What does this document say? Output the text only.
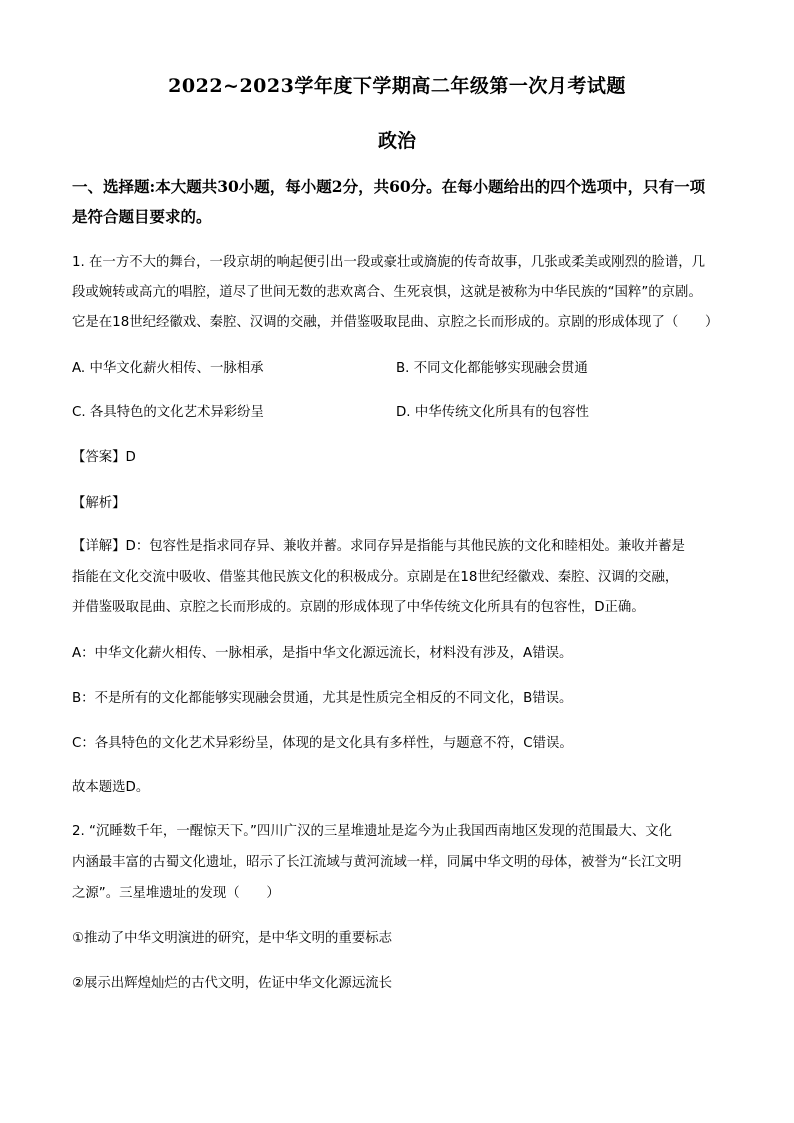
2022~2023学年度下学期高二年级第一次月考试题
政治
一、选择题:本大题共30小题，每小题2分，共60分。在每小题给出的四个选项中，只有一项
是符合题目要求的。
1. 在一方不大的舞台，一段京胡的响起便引出一段或豪壮或旖旎的传奇故事，几张或柔美或刚烈的脸谱，几
段或婉转或高亢的唱腔，道尽了世间无数的悲欢离合、生死哀惧，这就是被称为中华民族的“国粹”的京剧。
它是在18世纪经徽戏、秦腔、汉调的交融，并借鉴吸取昆曲、京腔之长而形成的。京剧的形成体现了（　　）
A. 中华文化薪火相传、一脉相承	B. 不同文化都能够实现融会贯通
C. 各具特色的文化艺术异彩纷呈	D. 中华传统文化所具有的包容性
【答案】D
【解析】
【详解】D：包容性是指求同存异、兼收并蓄。求同存异是指能与其他民族的文化和睦相处。兼收并蓄是
指能在文化交流中吸收、借鉴其他民族文化的积极成分。京剧是在18世纪经徽戏、秦腔、汉调的交融，
并借鉴吸取昆曲、京腔之长而形成的。京剧的形成体现了中华传统文化所具有的包容性，D正确。
A：中华文化薪火相传、一脉相承，是指中华文化源远流长，材料没有涉及，A错误。
B：不是所有的文化都能够实现融会贯通，尤其是性质完全相反的不同文化，B错误。
C：各具特色的文化艺术异彩纷呈，体现的是文化具有多样性，与题意不符，C错误。
故本题选D。
2. “沉睡数千年，一醒惊天下。”四川广汉的三星堆遗址是迄今为止我国西南地区发现的范围最大、文化
内涵最丰富的古蜀文化遗址，昭示了长江流域与黄河流域一样，同属中华文明的母体，被誉为“长江文明
之源”。三星堆遗址的发现（　　）
①推动了中华文明演进的研究，是中华文明的重要标志
②展示出辉煌灿烂的古代文明，佐证中华文化源远流长
